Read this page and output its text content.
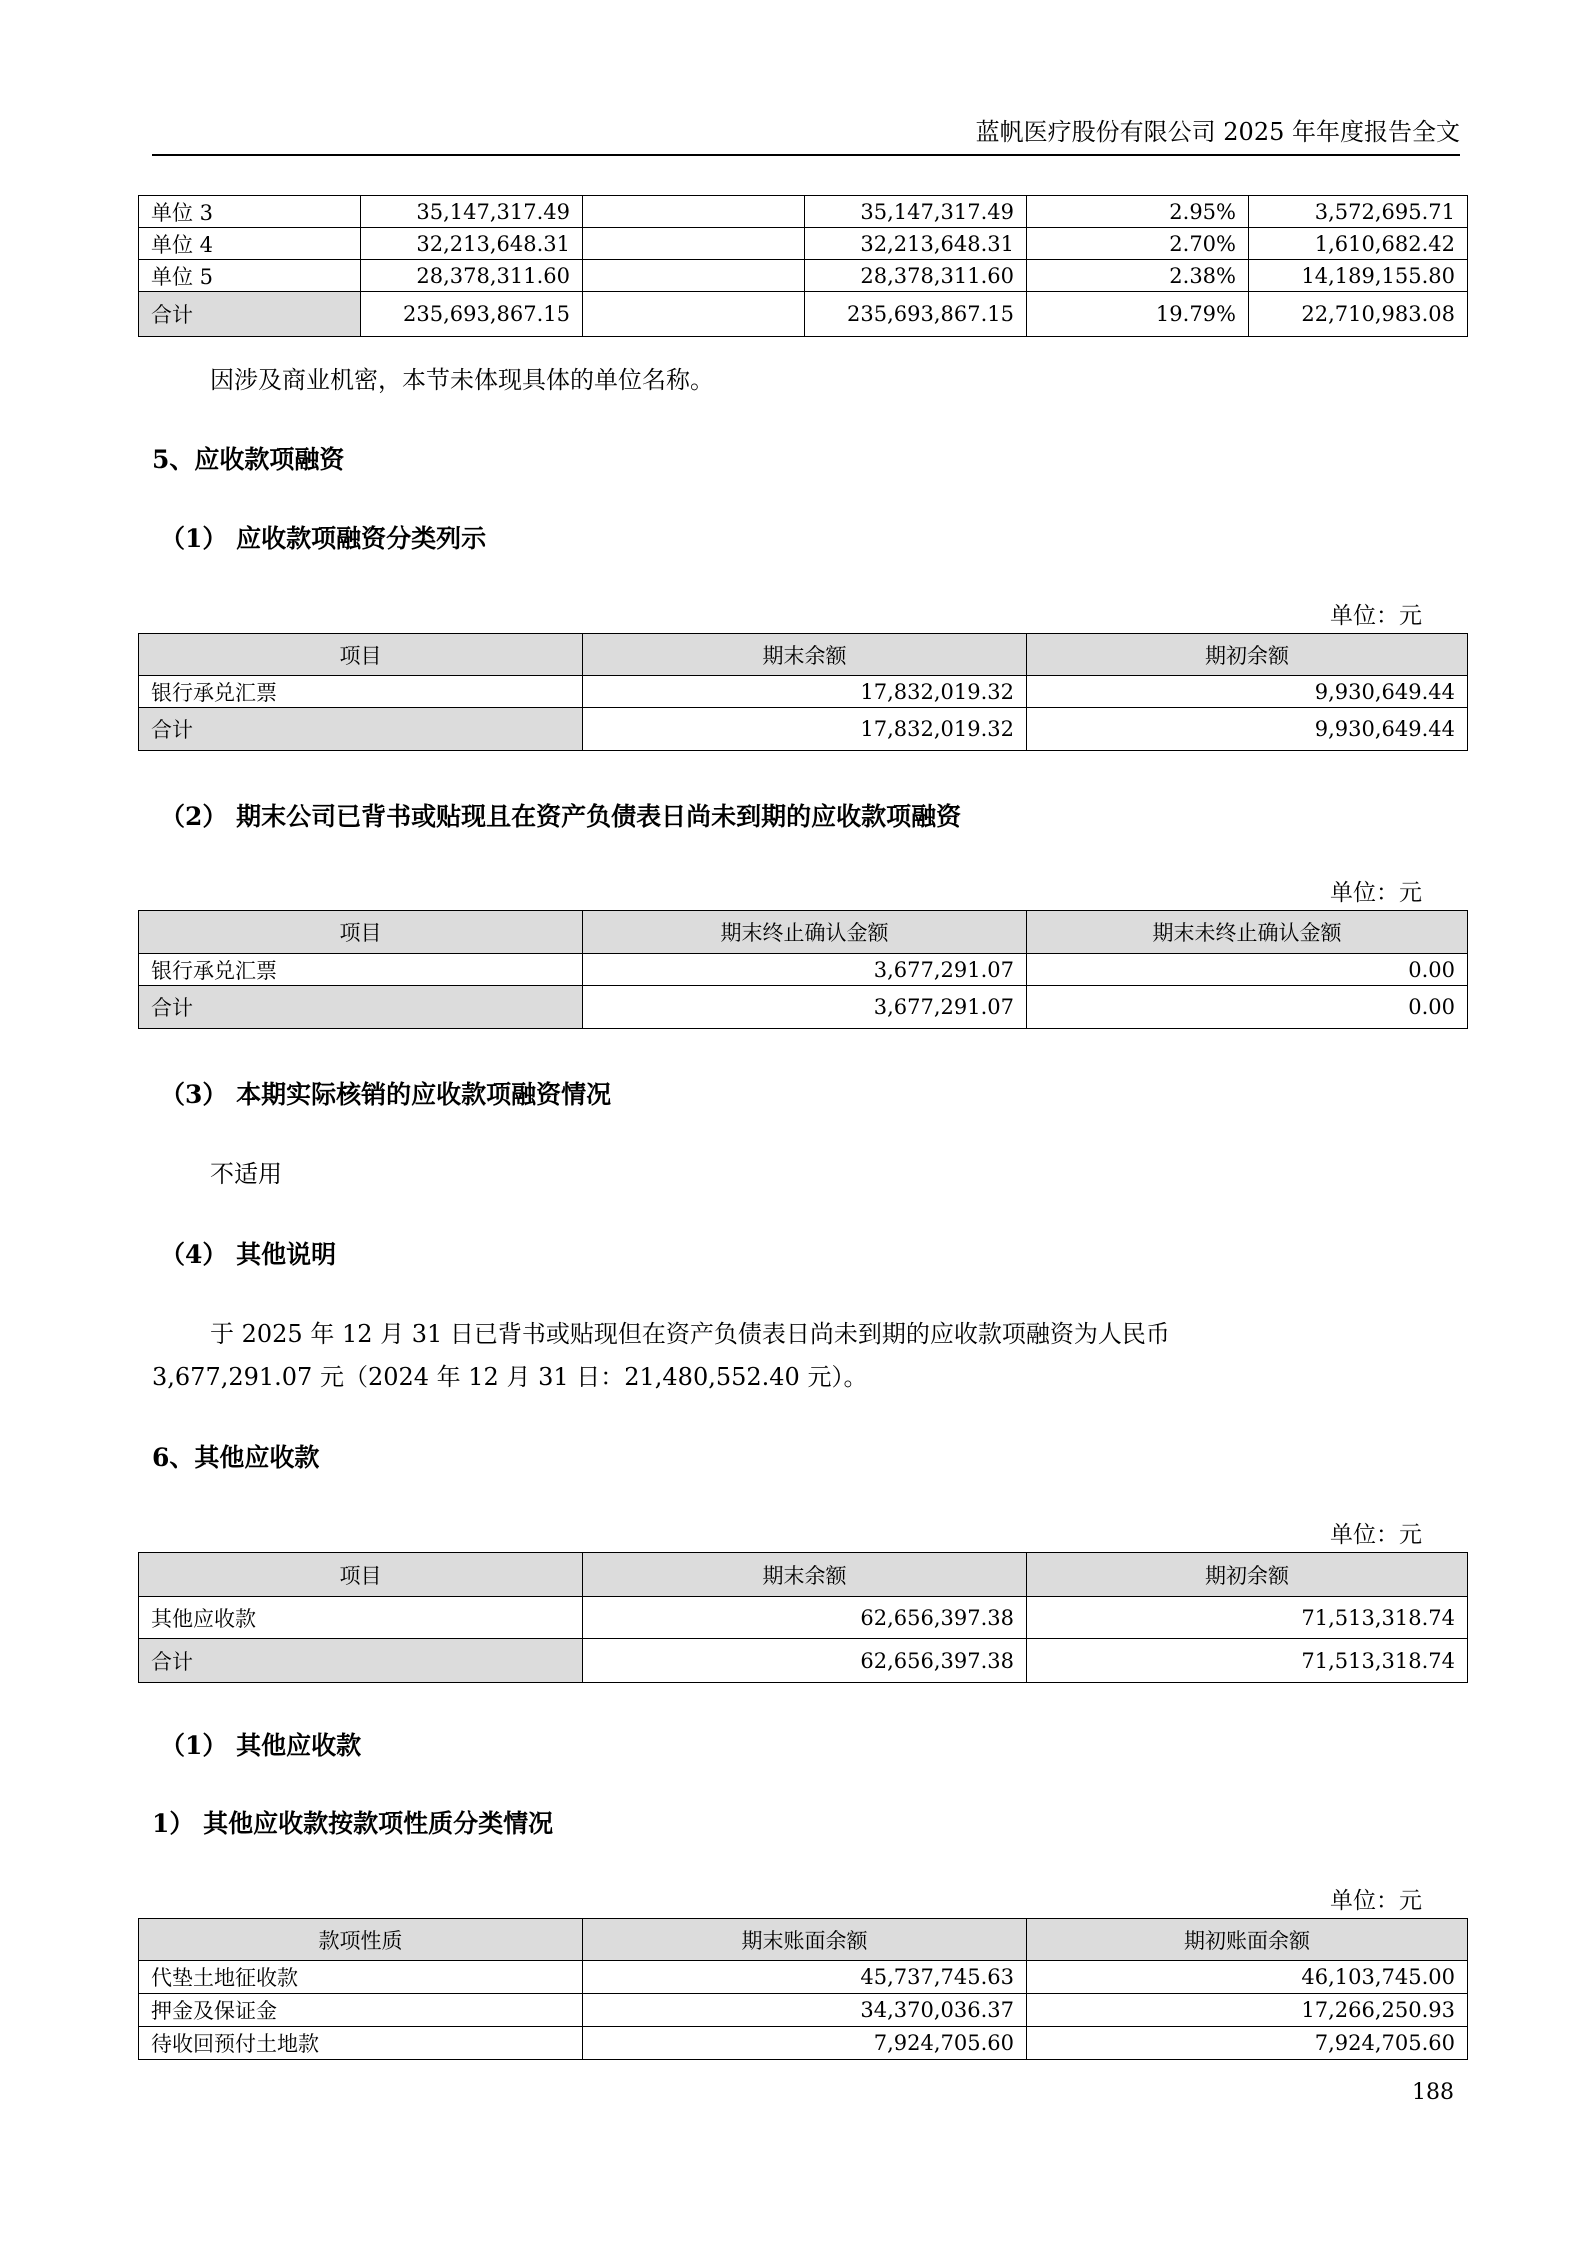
蓝帆医疗股份有限公司 2025 年年度报告全文
单位 3	35,147,317.49		35,147,317.49	2.95%	3,572,695.71
单位 4	32,213,648.31		32,213,648.31	2.70%	1,610,682.42
单位 5	28,378,311.60		28,378,311.60	2.38%	14,189,155.80
合计	235,693,867.15		235,693,867.15	19.79%	22,710,983.08
因涉及商业机密，本节未体现具体的单位名称。
5、应收款项融资
（1） 应收款项融资分类列示
单位：元
项目	期末余额	期初余额
银行承兑汇票	17,832,019.32	9,930,649.44
合计	17,832,019.32	9,930,649.44
（2） 期末公司已背书或贴现且在资产负债表日尚未到期的应收款项融资
单位：元
项目	期末终止确认金额	期末未终止确认金额
银行承兑汇票	3,677,291.07	0.00
合计	3,677,291.07	0.00
（3） 本期实际核销的应收款项融资情况
不适用
（4） 其他说明
于 2025 年 12 月 31 日已背书或贴现但在资产负债表日尚未到期的应收款项融资为人民币
3,677,291.07 元（2024 年 12 月 31 日：21,480,552.40 元）。
6、其他应收款
单位：元
项目	期末余额	期初余额
其他应收款	62,656,397.38	71,513,318.74
合计	62,656,397.38	71,513,318.74
（1） 其他应收款
1） 其他应收款按款项性质分类情况
单位：元
款项性质	期末账面余额	期初账面余额
代垫土地征收款	45,737,745.63	46,103,745.00
押金及保证金	34,370,036.37	17,266,250.93
待收回预付土地款	7,924,705.60	7,924,705.60
188
